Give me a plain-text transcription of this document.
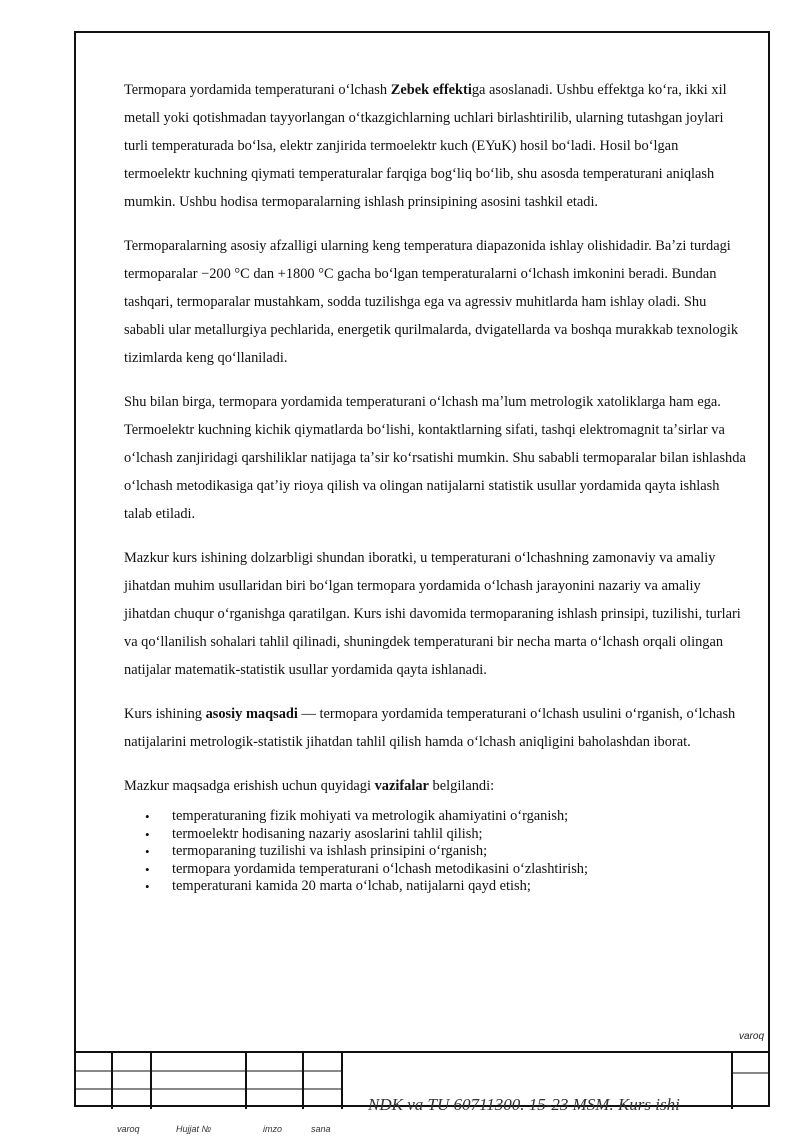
Termopara yordamida temperaturani oʻlchash Zebek effektiga asoslanadi. Ushbu effektga koʻra, ikki xil metall yoki qotishmadan tayyorlangan oʻtkazgichlarning uchlari birlashtirilib, ularning tutashgan joylari turli temperaturada boʻlsa, elektr zanjirida termoelektr kuch (EYuK) hosil boʻladi. Hosil boʻlgan termoelektr kuchning qiymati temperaturalar farqiga bogʻliq boʻlib, shu asosda temperaturani aniqlash mumkin. Ushbu hodisa termoparalarning ishlash prinsipining asosini tashkil etadi.

Termoparalarning asosiy afzalligi ularning keng temperatura diapazonida ishlay olishidadir. Baʼzi turdagi termoparalar −200 °C dan +1800 °C gacha boʻlgan temperaturalarni oʻlchash imkonini beradi. Bundan tashqari, termoparalar mustahkam, sodda tuzilishga ega va agressiv muhitlarda ham ishlay oladi. Shu sababli ular metallurgiya pechlarida, energetik qurilmalarda, dvigatellarda va boshqa murakkab texnologik tizimlarda keng qoʻllaniladi.

Shu bilan birga, termopara yordamida temperaturani oʻlchash maʼlum metrologik xatoliklarga ham ega. Termoelektr kuchning kichik qiymatlarda boʻlishi, kontaktlarning sifati, tashqi elektromagnit taʼsirlar va oʻlchash zanjiridagi qarshiliklar natijaga taʼsir koʻrsatishi mumkin. Shu sababli termoparalar bilan ishlashda oʻlchash metodikasiga qatʼiy rioya qilish va olingan natijalarni statistik usullar yordamida qayta ishlash talab etiladi.

Mazkur kurs ishining dolzarbligi shundan iboratki, u temperaturani oʻlchashning zamonaviy va amaliy jihatdan muhim usullaridan biri boʻlgan termopara yordamida oʻlchash jarayonini nazariy va amaliy jihatdan chuqur oʻrganishga qaratilgan. Kurs ishi davomida termoparaning ishlash prinsipi, tuzilishi, turlari va qoʻllanilish sohalari tahlil qilinadi, shuningdek temperaturani bir necha marta oʻlchash orqali olingan natijalar matematik-statistik usullar yordamida qayta ishlanadi.

Kurs ishining asosiy maqsadi — termopara yordamida temperaturani oʻlchash usulini oʻrganish, oʻlchash natijalarini metrologik-statistik jihatdan tahlil qilish hamda oʻlchash aniqligini baholashdan iborat.

Mazkur maqsadga erishish uchun quyidagi vazifalar belgilandi:

• temperaturaning fizik mohiyati va metrologik ahamiyatini oʻrganish;
• termoelektr hodisaning nazariy asoslarini tahlil qilish;
• termoparaning tuzilishi va ishlash prinsipini oʻrganish;
• termopara yordamida temperaturani oʻlchash metodikasini oʻzlashtirish;
• temperaturani kamida 20 marta oʻlchab, natijalarni qayd etish;
varoq
NDK va TU 60711300. 15-23 MSM. Kurs ishi
varoq	Hujjat №	imzo	sana
